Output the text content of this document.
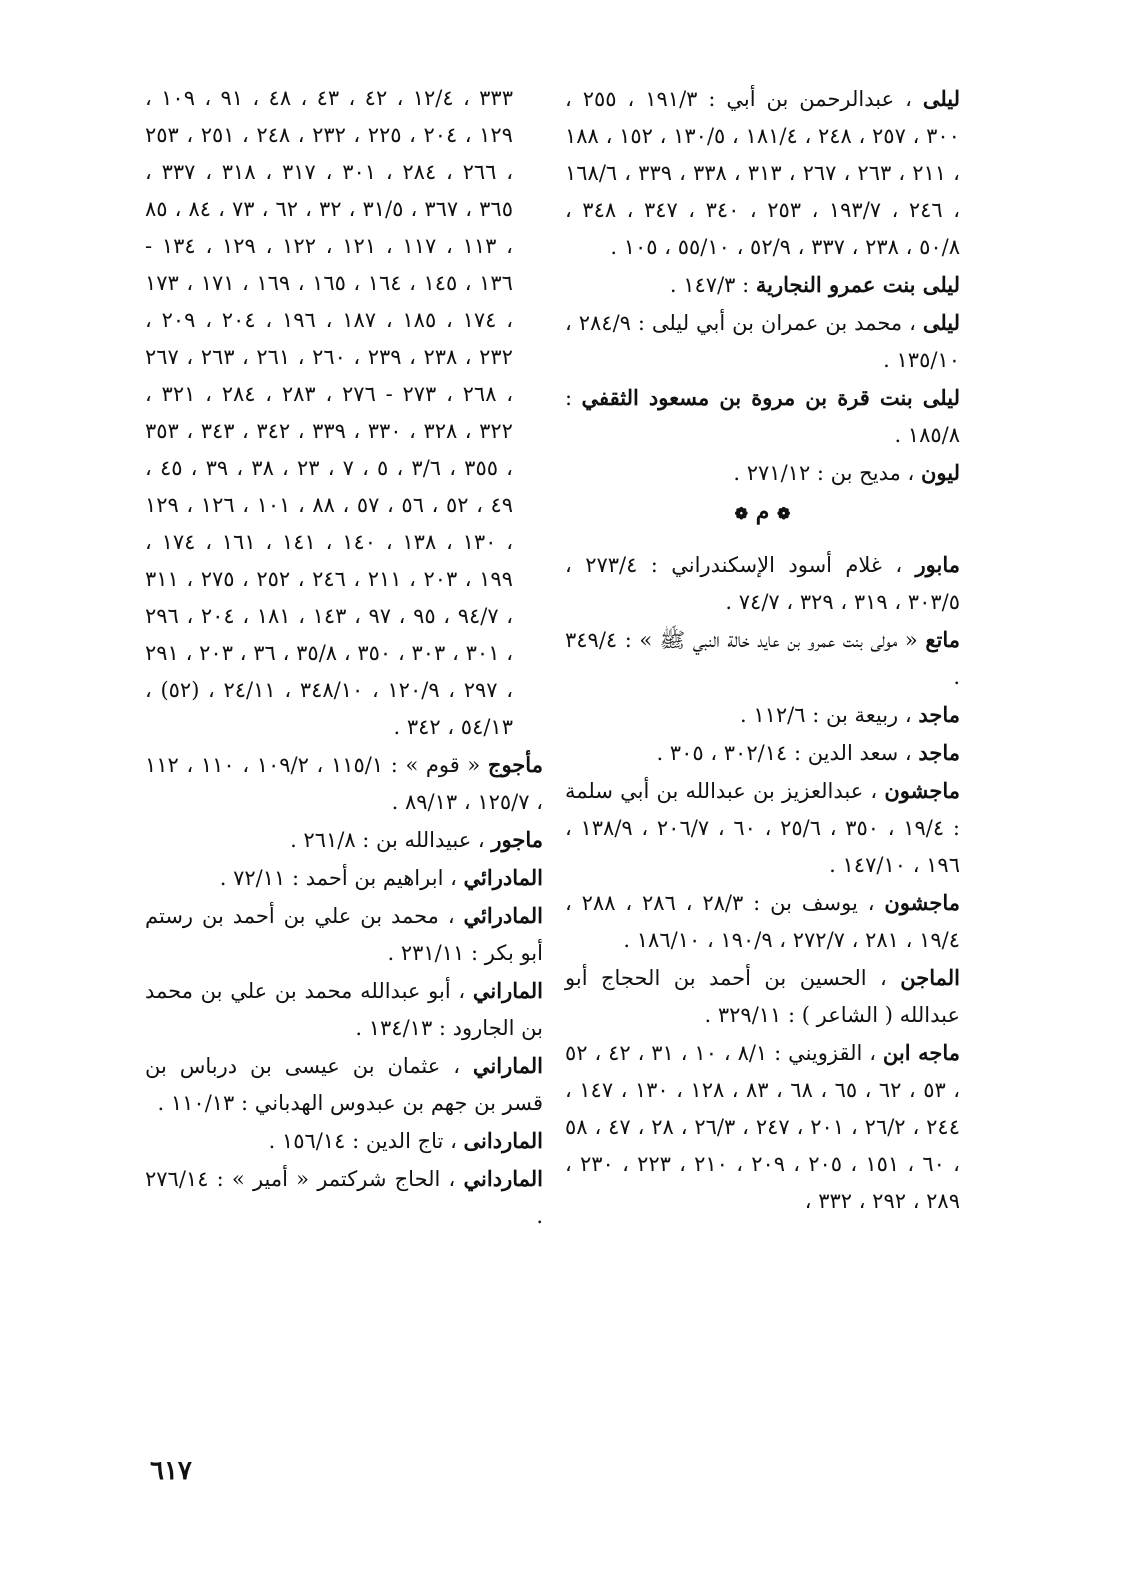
ليلى ، عبدالرحمن بن أبي : ١٩١/٣ ، ٢٥٥ ، ٣٠٠ ، ٢٥٧ ، ٢٤٨ ، ١٨١/٤ ، ١٣٠/٥ ، ١٥٢ ، ١٨٨ ، ٢١١ ، ٢٦٣ ، ٢٦٧ ، ٣١٣ ، ٣٣٨ ، ٣٣٩ ، ١٦٨/٦ ، ٢٤٦ ، ١٩٣/٧ ، ٢٥٣ ، ٣٤٠ ، ٣٤٧ ، ٣٤٨ ، ٥٠/٨ ، ٢٣٨ ، ٣٣٧ ، ٥٢/٩ ، ٥٥/١٠ ، ١٠٥ .

ليلى بنت عمرو النجارية : ١٤٧/٣ .

ليلى ، محمد بن عمران بن أبي ليلى : ٢٨٤/٩ ، ١٣٥/١٠ .

ليلى بنت قرة بن مروة بن مسعود الثقفي : ١٨٥/٨ .

ليون ، مديح بن : ٢٧١/١٢ .

❁ م ❁

مابور ، غلام أسود الإسكندراني : ٢٧٣/٤ ، ٣٠٣/٥ ، ٣١٩ ، ٣٢٩ ، ٧٤/٧ .

ماتع « مولى بنت عمرو بن عايد خالة النبي ﷺ » : ٣٤٩/٤ .

ماجد ، ربيعة بن : ١١٢/٦ .

ماجد ، سعد الدين : ٣٠٢/١٤ ، ٣٠٥ .

ماجشون ، عبدالعزيز بن عبدالله بن أبي سلمة : ١٩/٤ ، ٣٥٠ ، ٢٥/٦ ، ٦٠ ، ٢٠٦/٧ ، ١٣٨/٩ ، ١٩٦ ، ١٤٧/١٠ .

ماجشون ، يوسف بن : ٢٨/٣ ، ٢٨٦ ، ٢٨٨ ، ١٩/٤ ، ٢٨١ ، ٢٧٢/٧ ، ١٩٠/٩ ، ١٨٦/١٠ .

الماجن ، الحسين بن أحمد بن الحجاج أبو عبدالله ( الشاعر ) : ٣٢٩/١١ .

ماجه ابن ، القزويني : ٨/١ ، ١٠ ، ٣١ ، ٤٢ ، ٥٢ ، ٥٣ ، ٦٢ ، ٦٥ ، ٦٨ ، ٨٣ ، ١٢٨ ، ١٣٠ ، ١٤٧ ، ٢٤٤ ، ٢٦/٢ ، ٢٠١ ، ٢٤٧ ، ٢٦/٣ ، ٢٨ ، ٤٧ ، ٥٨ ، ٦٠ ، ١٥١ ، ٢٠٥ ، ٢٠٩ ، ٢١٠ ، ٢٢٣ ، ٢٣٠ ، ٢٨٩ ، ٢٩٢ ، ٣٣٢ ،

٣٣٣ ، ١٢/٤ ، ٤٢ ، ٤٣ ، ٤٨ ، ٩١ ، ١٠٩ ، ١٢٩ ، ٢٠٤ ، ٢٢٥ ، ٢٣٢ ، ٢٤٨ ، ٢٥١ ، ٢٥٣ ، ٢٦٦ ، ٢٨٤ ، ٣٠١ ، ٣١٧ ، ٣١٨ ، ٣٣٧ ، ٣٦٥ ، ٣٦٧ ، ٣١/٥ ، ٣٢ ، ٦٢ ، ٧٣ ، ٨٤ ، ٨٥ ، ١١٣ ، ١١٧ ، ١٢١ ، ١٢٢ ، ١٢٩ ، ١٣٤ - ١٣٦ ، ١٤٥ ، ١٦٤ ، ١٦٥ ، ١٦٩ ، ١٧١ ، ١٧٣ ، ١٧٤ ، ١٨٥ ، ١٨٧ ، ١٩٦ ، ٢٠٤ ، ٢٠٩ ، ٢٣٢ ، ٢٣٨ ، ٢٣٩ ، ٢٦٠ ، ٢٦١ ، ٢٦٣ ، ٢٦٧ ، ٢٦٨ ، ٢٧٣ - ٢٧٦ ، ٢٨٣ ، ٢٨٤ ، ٣٢١ ، ٣٢٢ ، ٣٢٨ ، ٣٣٠ ، ٣٣٩ ، ٣٤٢ ، ٣٤٣ ، ٣٥٣ ، ٣٥٥ ، ٣/٦ ، ٥ ، ٧ ، ٢٣ ، ٣٨ ، ٣٩ ، ٤٥ ، ٤٩ ، ٥٢ ، ٥٦ ، ٥٧ ، ٨٨ ، ١٠١ ، ١٢٦ ، ١٢٩ ، ١٣٠ ، ١٣٨ ، ١٤٠ ، ١٤١ ، ١٦١ ، ١٧٤ ، ١٩٩ ، ٢٠٣ ، ٢١١ ، ٢٤٦ ، ٢٥٢ ، ٢٧٥ ، ٣١١ ، ٩٤/٧ ، ٩٥ ، ٩٧ ، ١٤٣ ، ١٨١ ، ٢٠٤ ، ٢٩٦ ، ٣٠١ ، ٣٠٣ ، ٣٥٠ ، ٣٥/٨ ، ٣٦ ، ٢٠٣ ، ٢٩١ ، ٢٩٧ ، ١٢٠/٩ ، ٣٤٨/١٠ ، ٢٤/١١ ، (٥٢) ، ٥٤/١٣ ، ٣٤٢ .

مأجوج « قوم » : ١١٥/١ ، ١٠٩/٢ ، ١١٠ ، ١١٢ ، ١٢٥/٧ ، ٨٩/١٣ .

ماجور ، عبيدالله بن : ٢٦١/٨ .

المادرائي ، ابراهيم بن أحمد : ٧٢/١١ .

المادرائي ، محمد بن علي بن أحمد بن رستم أبو بكر : ٢٣١/١١ .

الماراني ، أبو عبدالله محمد بن علي بن محمد بن الجارود : ١٣٤/١٣ .

الماراني ، عثمان بن عيسى بن درباس بن قسر بن جهم بن عبدوس الهدباني : ١١٠/١٣ .

الماردانى ، تاج الدين : ١٥٦/١٤ .

المارداني ، الحاج شركتمر « أمير » : ٢٧٦/١٤ .

٦١٧
